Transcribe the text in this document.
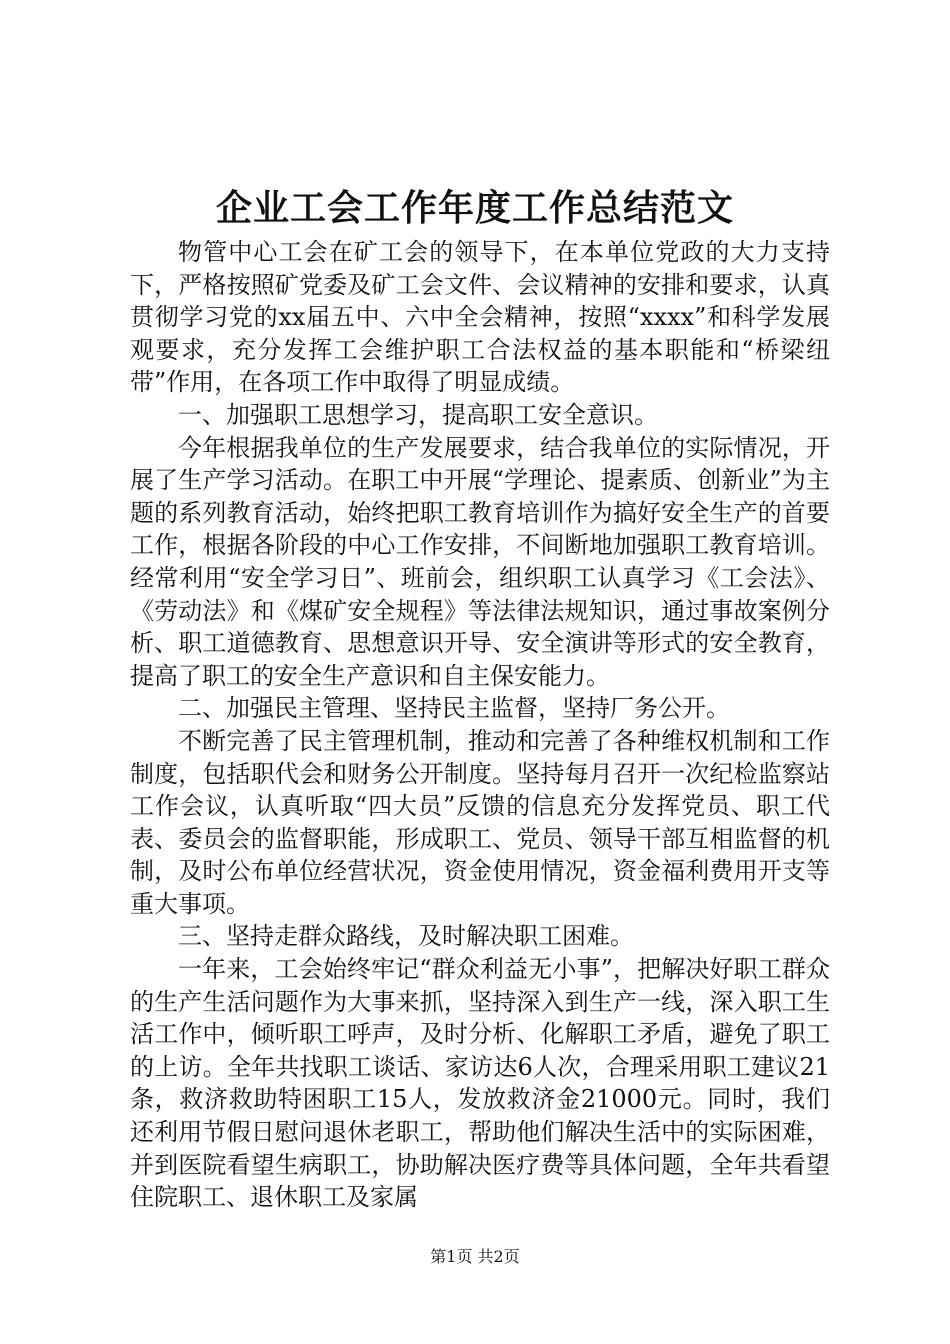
企业工会工作年度工作总结范文

物管中心工会在矿工会的领导下，在本单位党政的大力支持下，严格按照矿党委及矿工会文件、会议精神的安排和要求，认真贯彻学习党的xx届五中、六中全会精神，按照“xxxx”和科学发展观要求，充分发挥工会维护职工合法权益的基本职能和“桥梁纽带”作用，在各项工作中取得了明显成绩。

一、加强职工思想学习，提高职工安全意识。

今年根据我单位的生产发展要求，结合我单位的实际情况，开展了生产学习活动。在职工中开展“学理论、提素质、创新业”为主题的系列教育活动，始终把职工教育培训作为搞好安全生产的首要工作，根据各阶段的中心工作安排，不间断地加强职工教育培训。经常利用“安全学习日”、班前会，组织职工认真学习《工会法》、《劳动法》和《煤矿安全规程》等法律法规知识，通过事故案例分析、职工道德教育、思想意识开导、安全演讲等形式的安全教育，提高了职工的安全生产意识和自主保安能力。

二、加强民主管理、坚持民主监督，坚持厂务公开。

不断完善了民主管理机制，推动和完善了各种维权机制和工作制度，包括职代会和财务公开制度。坚持每月召开一次纪检监察站工作会议，认真听取“四大员”反馈的信息充分发挥党员、职工代表、委员会的监督职能，形成职工、党员、领导干部互相监督的机制，及时公布单位经营状况，资金使用情况，资金福利费用开支等重大事项。

三、坚持走群众路线，及时解决职工困难。

一年来，工会始终牢记“群众利益无小事”，把解决好职工群众的生产生活问题作为大事来抓，坚持深入到生产一线，深入职工生活工作中，倾听职工呼声，及时分析、化解职工矛盾，避免了职工的上访。全年共找职工谈话、家访达6人次，合理采用职工建议21条，救济救助特困职工15人，发放救济金21000元。同时，我们还利用节假日慰问退休老职工，帮助他们解决生活中的实际困难，并到医院看望生病职工，协助解决医疗费等具体问题，全年共看望住院职工、退休职工及家属

第1页 共2页
